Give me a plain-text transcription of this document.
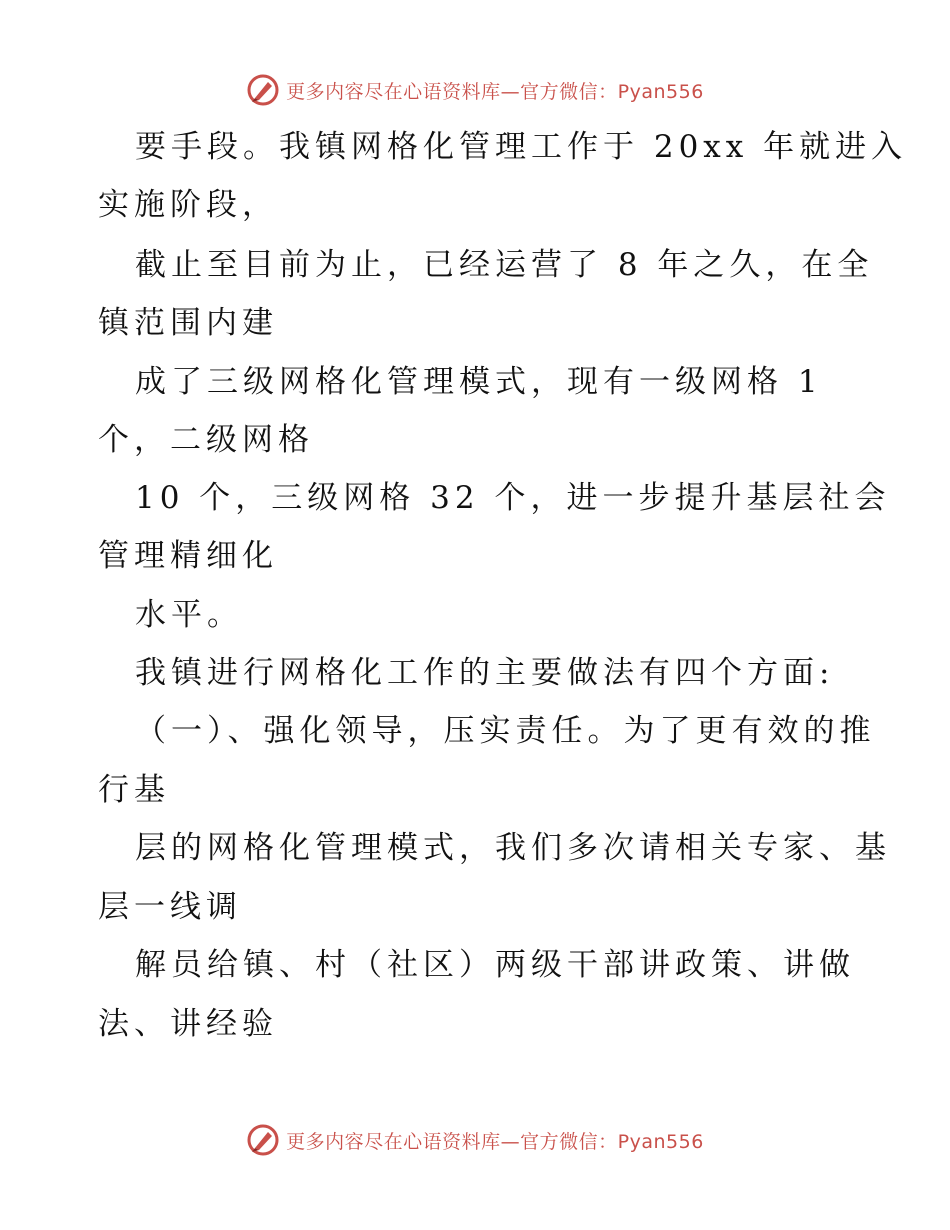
更多内容尽在心语资料库—官方微信：Pyan556
要手段。我镇网格化管理工作于 20xx 年就进入
实施阶段，
截止至目前为止，已经运营了 8 年之久，在全
镇范围内建
成了三级网格化管理模式，现有一级网格 1
个，二级网格
10 个，三级网格 32 个，进一步提升基层社会
管理精细化
水平。
我镇进行网格化工作的主要做法有四个方面:
（一）、强化领导，压实责任。为了更有效的推
行基
层的网格化管理模式，我们多次请相关专家、基
层一线调
解员给镇、村（社区）两级干部讲政策、讲做
法、讲经验
更多内容尽在心语资料库—官方微信：Pyan556
